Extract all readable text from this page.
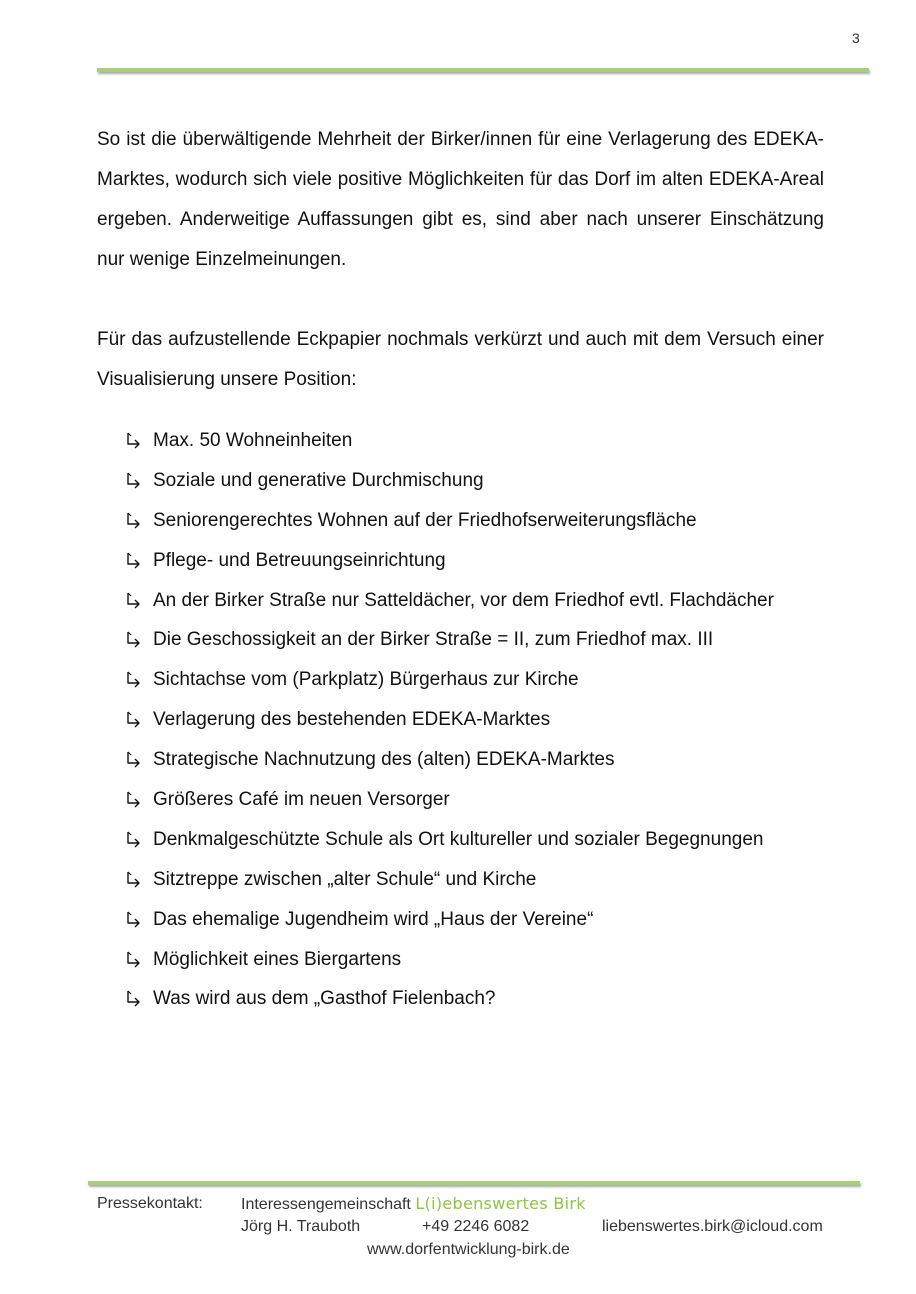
3

So ist die überwältigende Mehrheit der Birker/innen für eine Verlagerung des EDEKA-Marktes, wodurch sich viele positive Möglichkeiten für das Dorf im alten EDEKA-Areal ergeben. Anderweitige Auffassungen gibt es, sind aber nach unserer Einschätzung nur wenige Einzelmeinungen.

Für das aufzustellende Eckpapier nochmals verkürzt und auch mit dem Versuch einer Visualisierung unsere Position:

Max. 50 Wohneinheiten
Soziale und generative Durchmischung
Seniorengerechtes Wohnen auf der Friedhofserweiterungsfläche
Pflege- und Betreuungseinrichtung
An der Birker Straße nur Satteldächer, vor dem Friedhof evtl. Flachdächer
Die Geschossigkeit an der Birker Straße = II, zum Friedhof max. III
Sichtachse vom (Parkplatz) Bürgerhaus zur Kirche
Verlagerung des bestehenden EDEKA-Marktes
Strategische Nachnutzung des (alten) EDEKA-Marktes
Größeres Café im neuen Versorger
Denkmalgeschützte Schule als Ort kultureller und sozialer Begegnungen
Sitztreppe zwischen „alter Schule“ und Kirche
Das ehemalige Jugendheim wird „Haus der Vereine“
Möglichkeit eines Biergartens
Was wird aus dem „Gasthof Fielenbach?
Pressekontakt: Interessengemeinschaft L(i)ebenswertes Birk
Jörg H. Trauboth	+49 2246 6082	liebenswertes.birk@icloud.com
www.dorfentwicklung-birk.de
